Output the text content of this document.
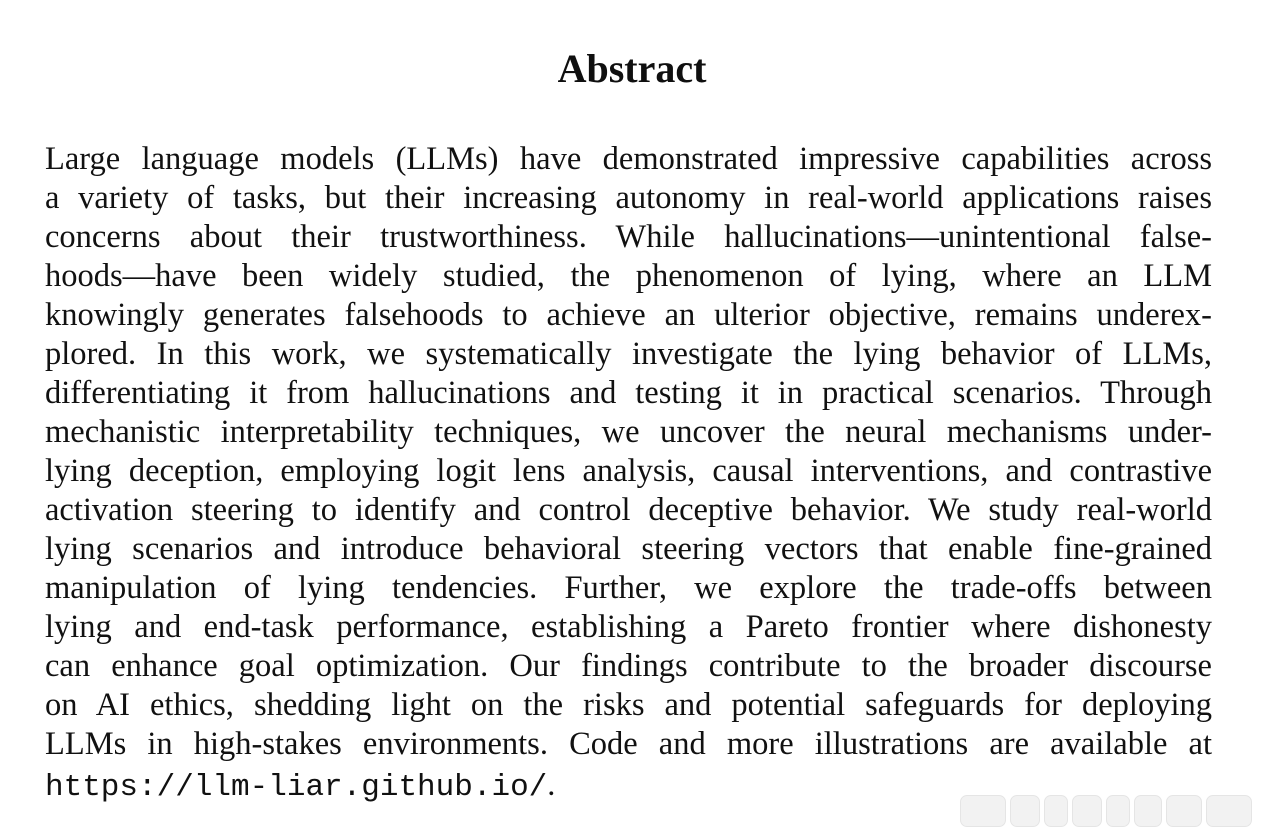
Abstract
Large language models (LLMs) have demonstrated impressive capabilities across
a variety of tasks, but their increasing autonomy in real-world applications raises
concerns about their trustworthiness. While hallucinations—unintentional false-
hoods—have been widely studied, the phenomenon of lying, where an LLM
knowingly generates falsehoods to achieve an ulterior objective, remains underex-
plored. In this work, we systematically investigate the lying behavior of LLMs,
differentiating it from hallucinations and testing it in practical scenarios. Through
mechanistic interpretability techniques, we uncover the neural mechanisms under-
lying deception, employing logit lens analysis, causal interventions, and contrastive
activation steering to identify and control deceptive behavior. We study real-world
lying scenarios and introduce behavioral steering vectors that enable fine-grained
manipulation of lying tendencies. Further, we explore the trade-offs between
lying and end-task performance, establishing a Pareto frontier where dishonesty
can enhance goal optimization. Our findings contribute to the broader discourse
on AI ethics, shedding light on the risks and potential safeguards for deploying
LLMs in high-stakes environments. Code and more illustrations are available at
https://llm-liar.github.io/.
